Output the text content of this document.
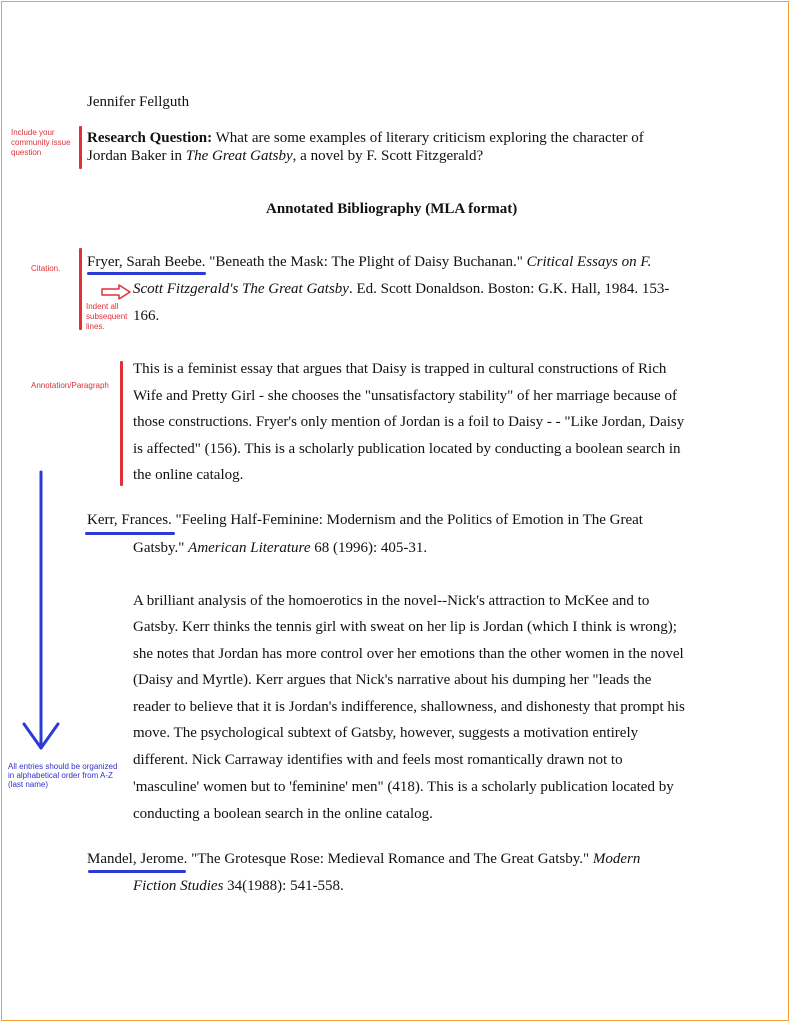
Jennifer Fellguth
Research Question: What are some examples of literary criticism exploring the character of
Jordan Baker in The Great Gatsby, a novel by F. Scott Fitzgerald?
Annotated Bibliography (MLA format)
Fryer, Sarah Beebe. "Beneath the Mask: The Plight of Daisy Buchanan." Critical Essays on F.
Scott Fitzgerald's The Great Gatsby. Ed. Scott Donaldson. Boston: G.K. Hall, 1984. 153-
166.
This is a feminist essay that argues that Daisy is trapped in cultural constructions of Rich
Wife and Pretty Girl - she chooses the "unsatisfactory stability" of her marriage because of
those constructions. Fryer's only mention of Jordan is a foil to Daisy - - "Like Jordan, Daisy
is affected" (156). This is a scholarly publication located by conducting a boolean search in
the online catalog.
Kerr, Frances. "Feeling Half-Feminine: Modernism and the Politics of Emotion in The Great
Gatsby." American Literature 68 (1996): 405-31.
A brilliant analysis of the homoerotics in the novel--Nick's attraction to McKee and to
Gatsby. Kerr thinks the tennis girl with sweat on her lip is Jordan (which I think is wrong);
she notes that Jordan has more control over her emotions than the other women in the novel
(Daisy and Myrtle). Kerr argues that Nick's narrative about his dumping her "leads the
reader to believe that it is Jordan's indifference, shallowness, and dishonesty that prompt his
move. The psychological subtext of Gatsby, however, suggests a motivation entirely
different. Nick Carraway identifies with and feels most romantically drawn not to
'masculine' women but to 'feminine' men" (418). This is a scholarly publication located by
conducting a boolean search in the online catalog.
Mandel, Jerome. "The Grotesque Rose: Medieval Romance and The Great Gatsby." Modern
Fiction Studies 34(1988): 541-558.
Include your
community issue
question
Citation.
Indent all
subsequent
lines.
Annotation/Paragraph
All entries should be organized
in alphabetical order from A-Z
(last name)
